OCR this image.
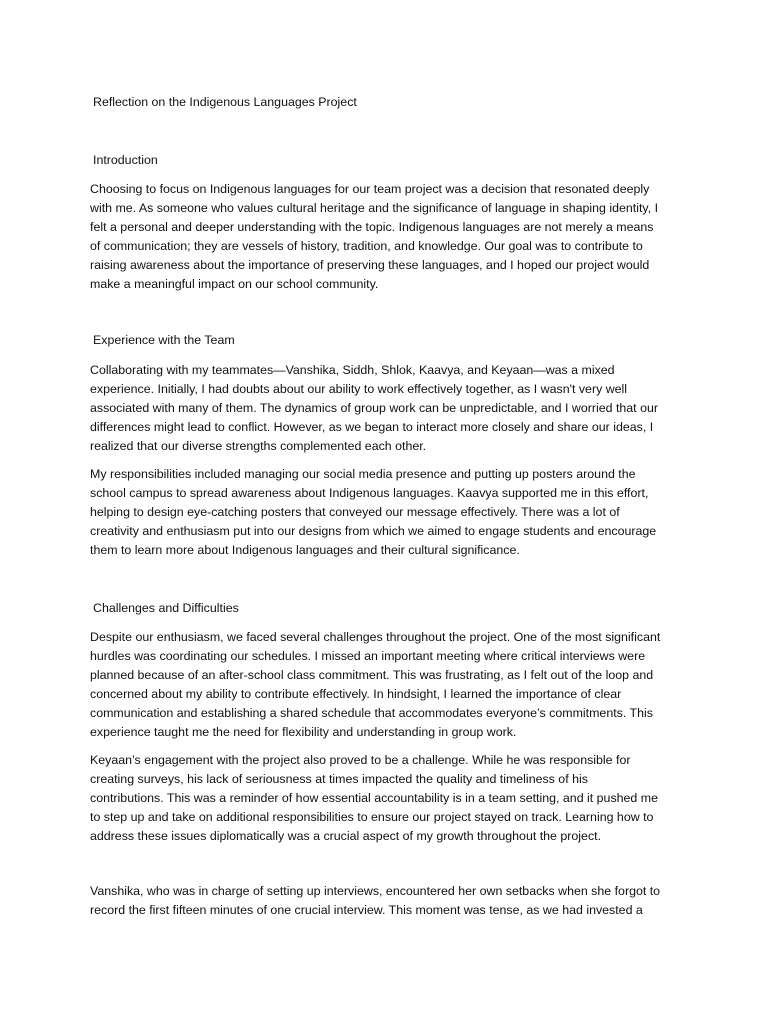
Reflection on the Indigenous Languages Project
Introduction
Choosing to focus on Indigenous languages for our team project was a decision that resonated deeply
with me. As someone who values cultural heritage and the significance of language in shaping identity, I
felt a personal and deeper understanding with the topic. Indigenous languages are not merely a means
of communication; they are vessels of history, tradition, and knowledge. Our goal was to contribute to
raising awareness about the importance of preserving these languages, and I hoped our project would
make a meaningful impact on our school community.
Experience with the Team
Collaborating with my teammates—Vanshika, Siddh, Shlok, Kaavya, and Keyaan—was a mixed
experience. Initially, I had doubts about our ability to work effectively together, as I wasn't very well
associated with many of them. The dynamics of group work can be unpredictable, and I worried that our
differences might lead to conflict. However, as we began to interact more closely and share our ideas, I
realized that our diverse strengths complemented each other.
My responsibilities included managing our social media presence and putting up posters around the
school campus to spread awareness about Indigenous languages. Kaavya supported me in this effort,
helping to design eye-catching posters that conveyed our message effectively. There was a lot of
creativity and enthusiasm put into our designs from which we aimed to engage students and encourage
them to learn more about Indigenous languages and their cultural significance.
Challenges and Difficulties
Despite our enthusiasm, we faced several challenges throughout the project. One of the most significant
hurdles was coordinating our schedules. I missed an important meeting where critical interviews were
planned because of an after-school class commitment. This was frustrating, as I felt out of the loop and
concerned about my ability to contribute effectively. In hindsight, I learned the importance of clear
communication and establishing a shared schedule that accommodates everyone’s commitments. This
experience taught me the need for flexibility and understanding in group work.
Keyaan’s engagement with the project also proved to be a challenge. While he was responsible for
creating surveys, his lack of seriousness at times impacted the quality and timeliness of his
contributions. This was a reminder of how essential accountability is in a team setting, and it pushed me
to step up and take on additional responsibilities to ensure our project stayed on track. Learning how to
address these issues diplomatically was a crucial aspect of my growth throughout the project.
Vanshika, who was in charge of setting up interviews, encountered her own setbacks when she forgot to
record the first fifteen minutes of one crucial interview. This moment was tense, as we had invested a
